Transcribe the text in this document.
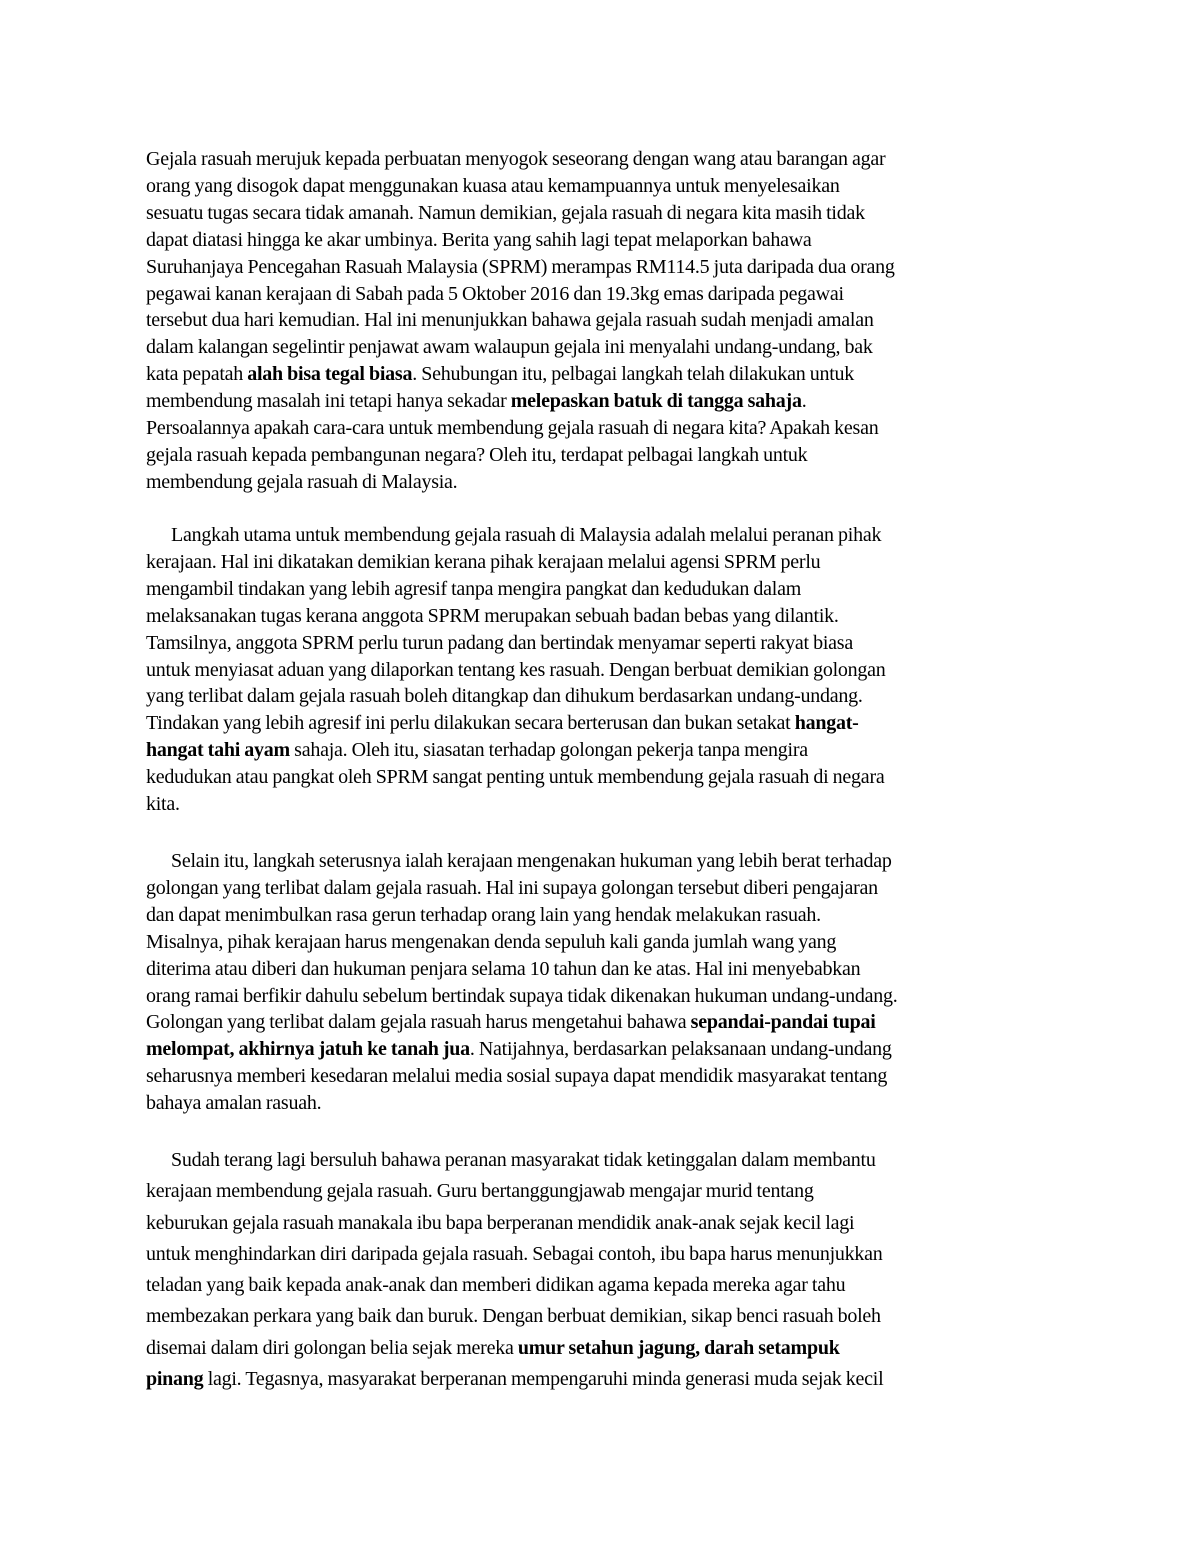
Gejala rasuah merujuk kepada perbuatan menyogok seseorang dengan wang atau barangan agar
orang yang disogok dapat menggunakan kuasa atau kemampuannya untuk menyelesaikan
sesuatu tugas secara tidak amanah. Namun demikian, gejala rasuah di negara kita masih tidak
dapat diatasi hingga ke akar umbinya. Berita yang sahih lagi tepat melaporkan bahawa
Suruhanjaya Pencegahan Rasuah Malaysia (SPRM) merampas RM114.5 juta daripada dua orang
pegawai kanan kerajaan di Sabah pada 5 Oktober 2016 dan 19.3kg emas daripada pegawai
tersebut dua hari kemudian. Hal ini menunjukkan bahawa gejala rasuah sudah menjadi amalan
dalam kalangan segelintir penjawat awam walaupun gejala ini menyalahi undang-undang, bak
kata pepatah alah bisa tegal biasa. Sehubungan itu, pelbagai langkah telah dilakukan untuk
membendung masalah ini tetapi hanya sekadar melepaskan batuk di tangga sahaja.
Persoalannya apakah cara-cara untuk membendung gejala rasuah di negara kita? Apakah kesan
gejala rasuah kepada pembangunan negara? Oleh itu, terdapat pelbagai langkah untuk
membendung gejala rasuah di Malaysia.
Langkah utama untuk membendung gejala rasuah di Malaysia adalah melalui peranan pihak
kerajaan. Hal ini dikatakan demikian kerana pihak kerajaan melalui agensi SPRM perlu
mengambil tindakan yang lebih agresif tanpa mengira pangkat dan kedudukan dalam
melaksanakan tugas kerana anggota SPRM merupakan sebuah badan bebas yang dilantik.
Tamsilnya, anggota SPRM perlu turun padang dan bertindak menyamar seperti rakyat biasa
untuk menyiasat aduan yang dilaporkan tentang kes rasuah. Dengan berbuat demikian golongan
yang terlibat dalam gejala rasuah boleh ditangkap dan dihukum berdasarkan undang-undang.
Tindakan yang lebih agresif ini perlu dilakukan secara berterusan dan bukan setakat hangat-
hangat tahi ayam sahaja. Oleh itu, siasatan terhadap golongan pekerja tanpa mengira
kedudukan atau pangkat oleh SPRM sangat penting untuk membendung gejala rasuah di negara
kita.
Selain itu, langkah seterusnya ialah kerajaan mengenakan hukuman yang lebih berat terhadap
golongan yang terlibat dalam gejala rasuah. Hal ini supaya golongan tersebut diberi pengajaran
dan dapat menimbulkan rasa gerun terhadap orang lain yang hendak melakukan rasuah.
Misalnya, pihak kerajaan harus mengenakan denda sepuluh kali ganda jumlah wang yang
diterima atau diberi dan hukuman penjara selama 10 tahun dan ke atas. Hal ini menyebabkan
orang ramai berfikir dahulu sebelum bertindak supaya tidak dikenakan hukuman undang-undang.
Golongan yang terlibat dalam gejala rasuah harus mengetahui bahawa sepandai-pandai tupai
melompat, akhirnya jatuh ke tanah jua. Natijahnya, berdasarkan pelaksanaan undang-undang
seharusnya memberi kesedaran melalui media sosial supaya dapat mendidik masyarakat tentang
bahaya amalan rasuah.
Sudah terang lagi bersuluh bahawa peranan masyarakat tidak ketinggalan dalam membantu
kerajaan membendung gejala rasuah. Guru bertanggungjawab mengajar murid tentang
keburukan gejala rasuah manakala ibu bapa berperanan mendidik anak-anak sejak kecil lagi
untuk menghindarkan diri daripada gejala rasuah. Sebagai contoh, ibu bapa harus menunjukkan
teladan yang baik kepada anak-anak dan memberi didikan agama kepada mereka agar tahu
membezakan perkara yang baik dan buruk. Dengan berbuat demikian, sikap benci rasuah boleh
disemai dalam diri golongan belia sejak mereka umur setahun jagung, darah setampuk
pinang lagi. Tegasnya, masyarakat berperanan mempengaruhi minda generasi muda sejak kecil
